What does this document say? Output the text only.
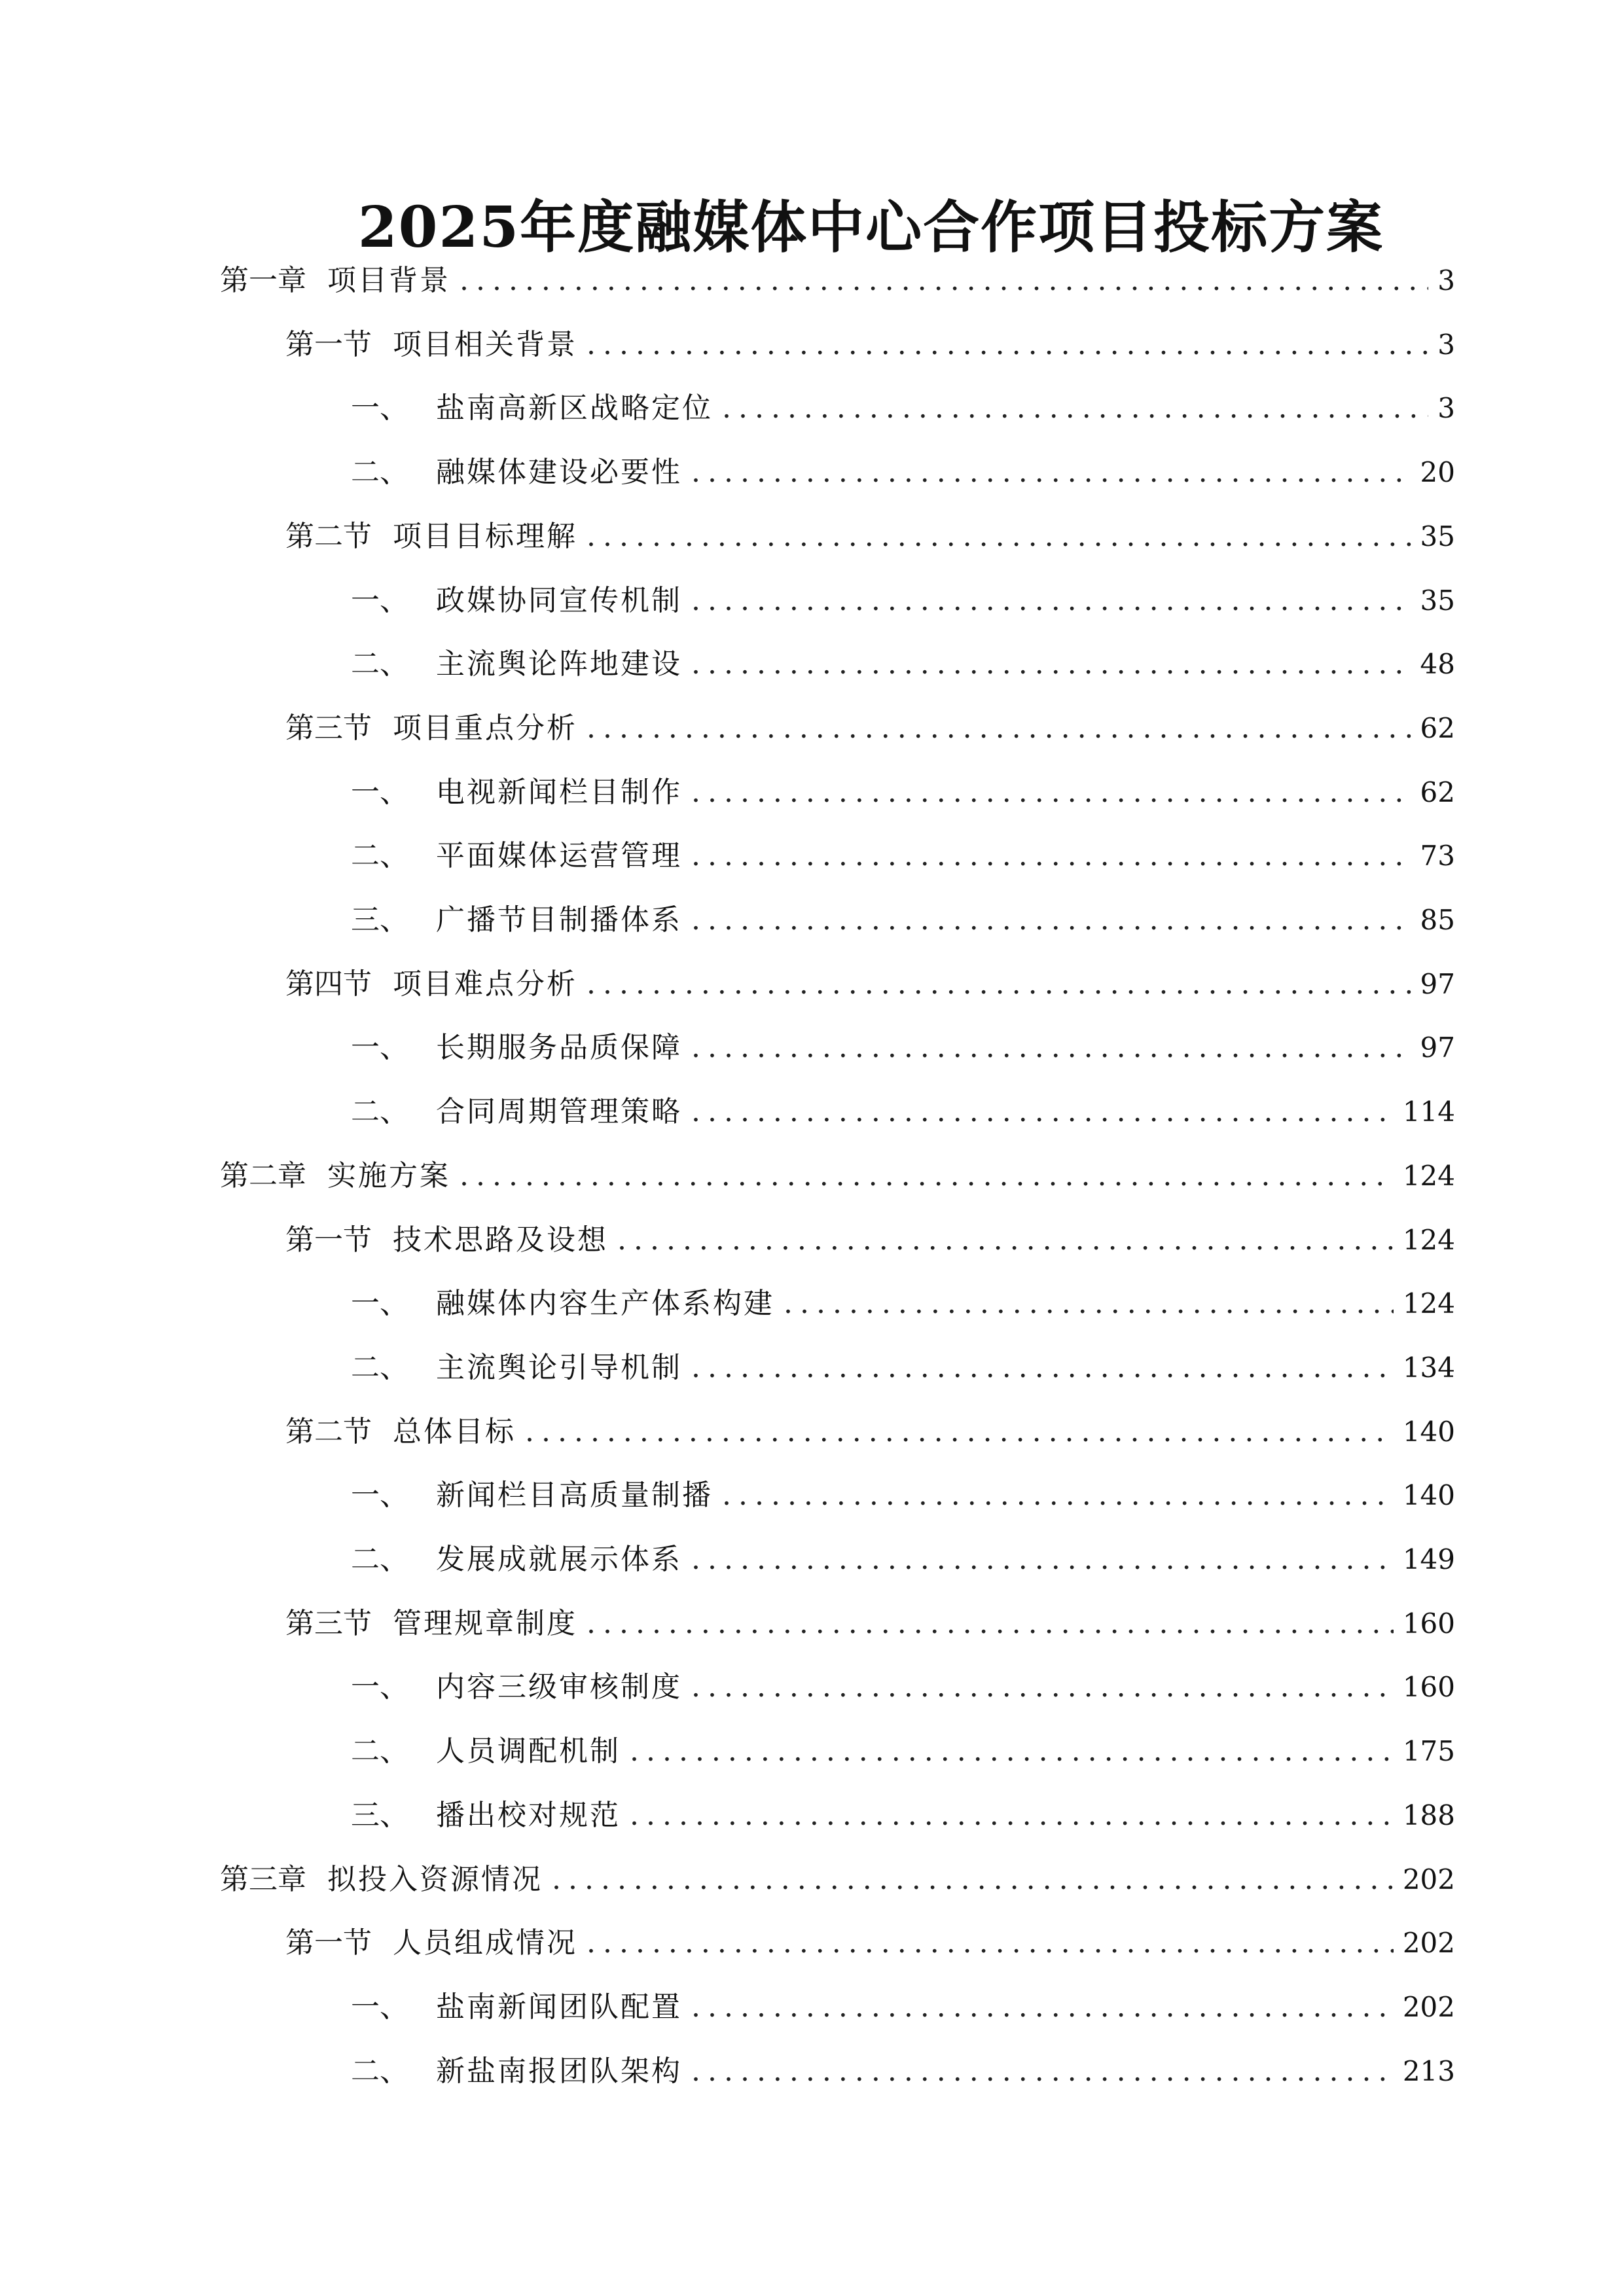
2025年度融媒体中心合作项目投标方案
第一章 项目背景 .....	3
第一节 项目相关背景 .....	3
一、 盐南高新区战略定位 .....	3
二、 融媒体建设必要性 .....	20
第二节 项目目标理解 .....	35
一、 政媒协同宣传机制 .....	35
二、 主流舆论阵地建设 .....	48
第三节 项目重点分析 .....	62
一、 电视新闻栏目制作 .....	62
二、 平面媒体运营管理 .....	73
三、 广播节目制播体系 .....	85
第四节 项目难点分析 .....	97
一、 长期服务品质保障 .....	97
二、 合同周期管理策略 .....	114
第二章 实施方案 .....	124
第一节 技术思路及设想 .....	124
一、 融媒体内容生产体系构建 .....	124
二、 主流舆论引导机制 .....	134
第二节 总体目标 .....	140
一、 新闻栏目高质量制播 .....	140
二、 发展成就展示体系 .....	149
第三节 管理规章制度 .....	160
一、 内容三级审核制度 .....	160
二、 人员调配机制 .....	175
三、 播出校对规范 .....	188
第三章 拟投入资源情况 .....	202
第一节 人员组成情况 .....	202
一、 盐南新闻团队配置 .....	202
二、 新盐南报团队架构 .....	213
